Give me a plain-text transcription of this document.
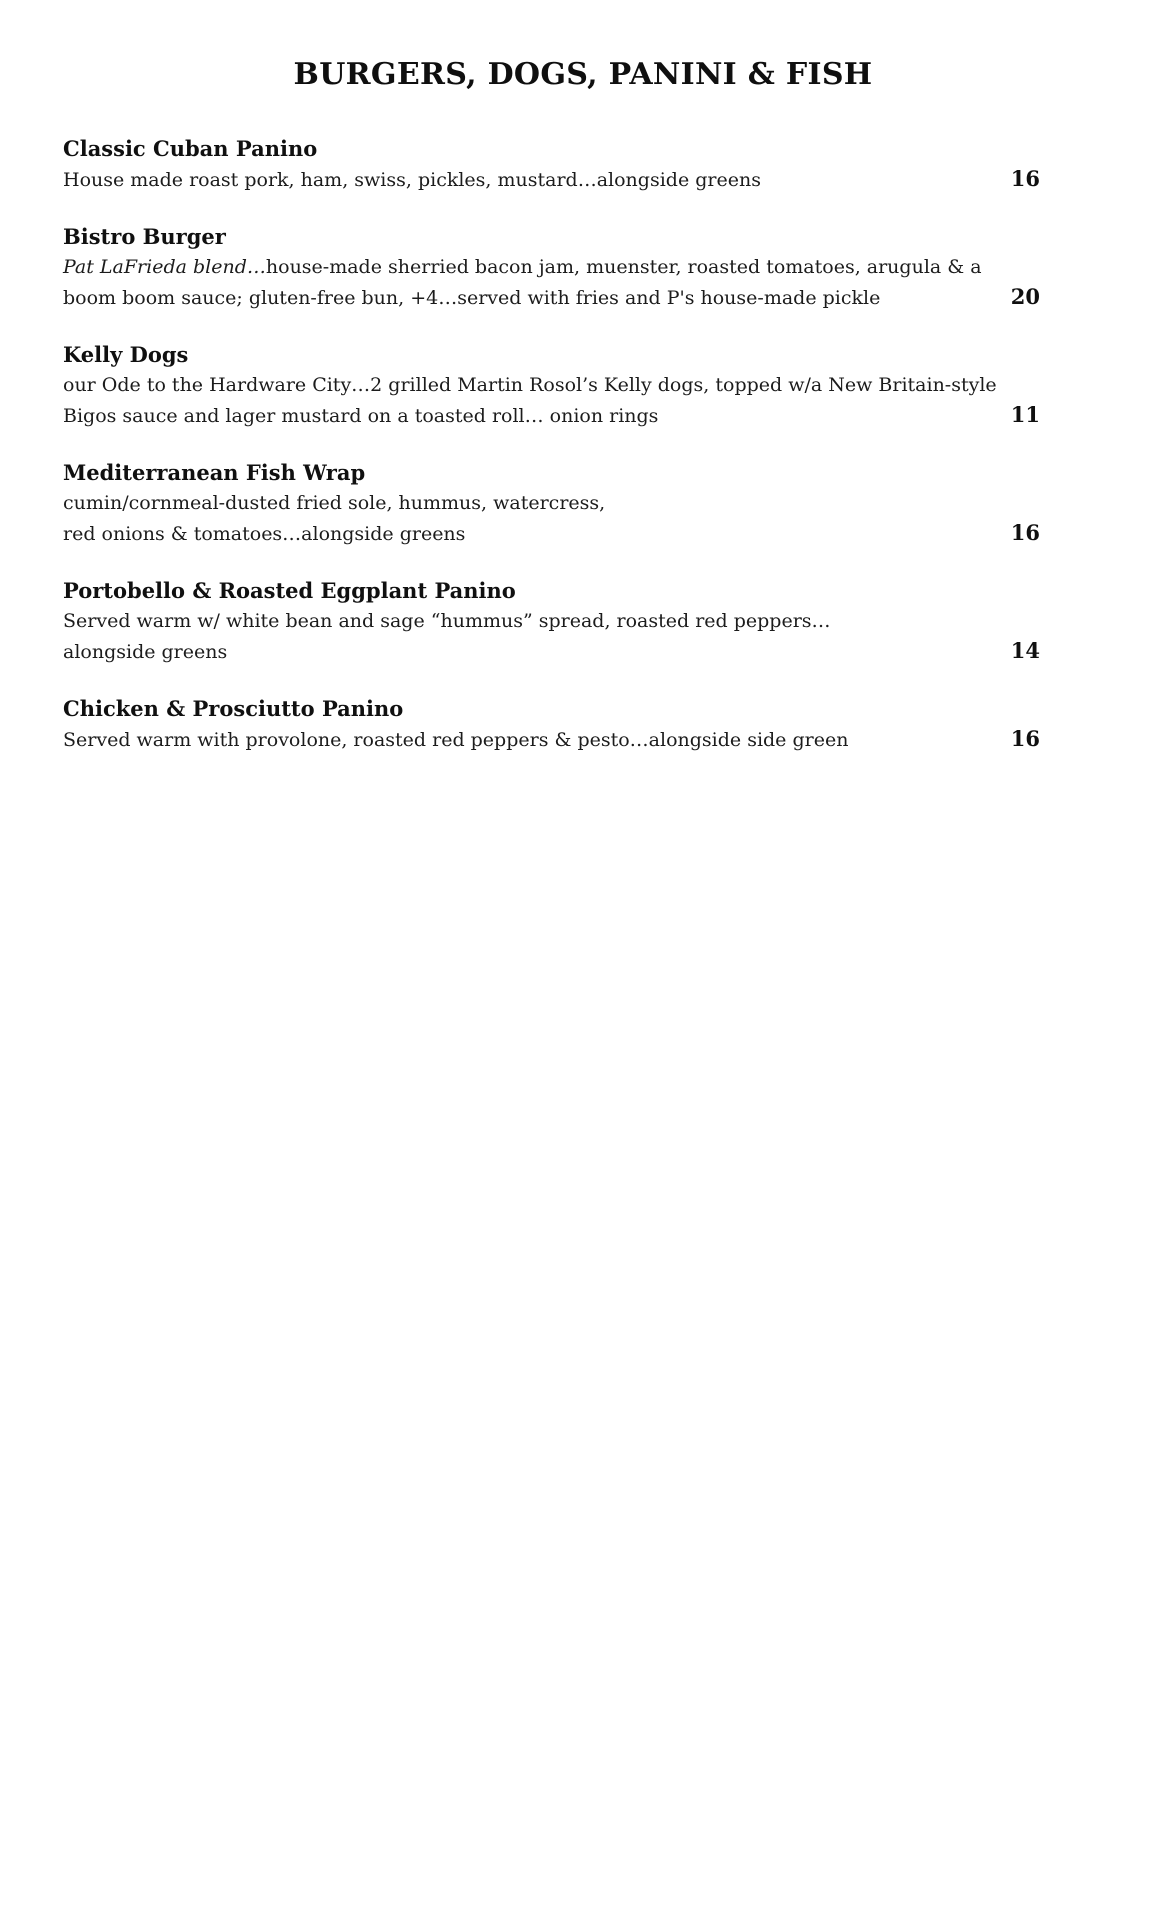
BURGERS, DOGS, PANINI & FISH
Classic Cuban Panino
House made roast pork, ham, swiss, pickles, mustard…alongside greens	16
Bistro Burger
Pat LaFrieda blend… house-made sherried bacon jam, muenster, roasted tomatoes, arugula & a
boom boom sauce; gluten-free bun, +4…served with fries and P's house-made pickle	20
Kelly Dogs
our Ode to the Hardware City…2 grilled Martin Rosol’s Kelly dogs, topped w/a New Britain-style
Bigos sauce and lager mustard on a toasted roll… onion rings	11
Mediterranean Fish Wrap
cumin/cornmeal-dusted fried sole, hummus, watercress,
red onions & tomatoes…alongside greens	16
Portobello & Roasted Eggplant Panino
Served warm w/ white bean and sage “hummus” spread, roasted red peppers…
alongside greens	14
Chicken & Prosciutto Panino
Served warm with provolone, roasted red peppers & pesto…alongside side green	16
